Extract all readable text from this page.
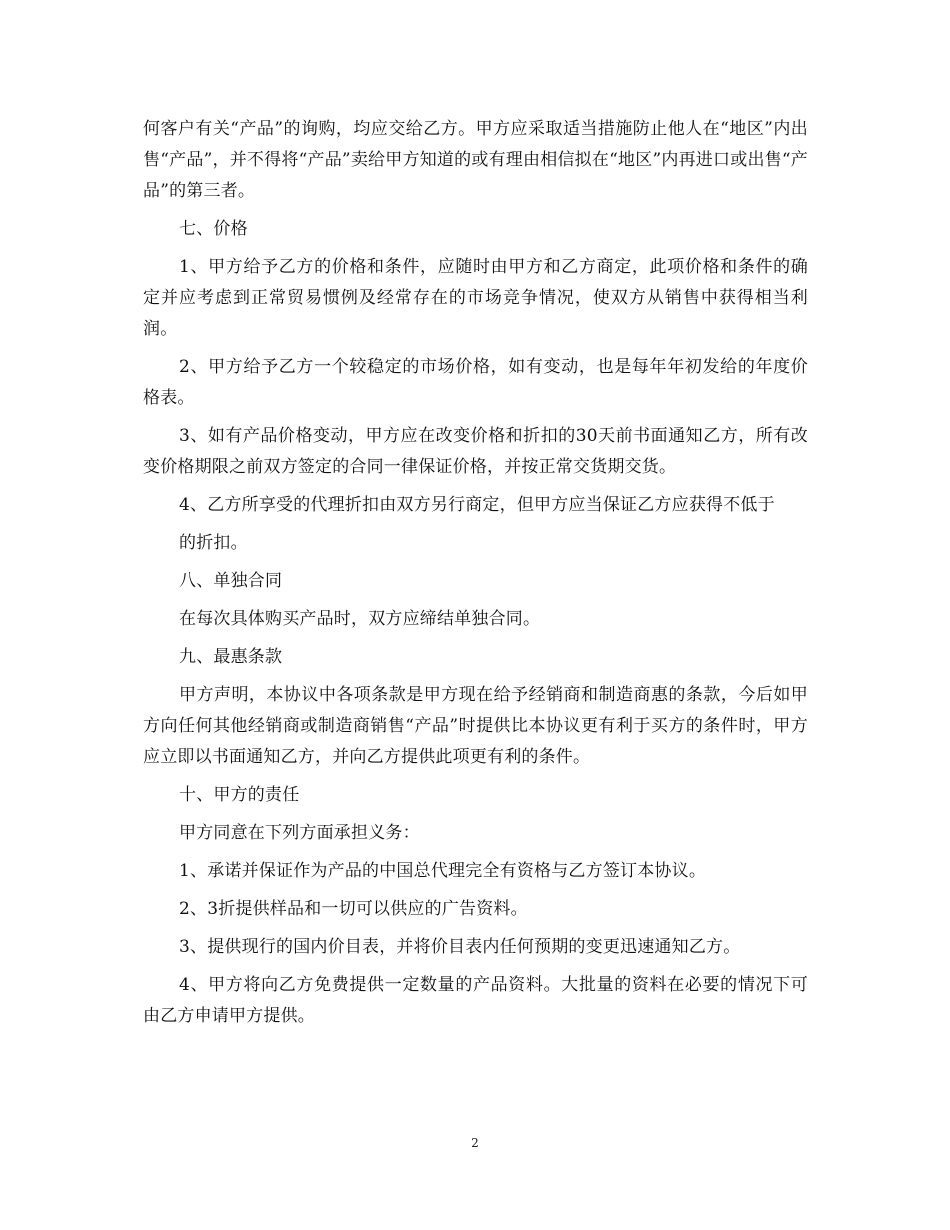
何客户有关“产品”的询购，均应交给乙方。甲方应采取适当措施防止他人在“地区”内出售“产品”，并不得将“产品”卖给甲方知道的或有理由相信拟在“地区”内再进口或出售“产品”的第三者。

七、价格

1、甲方给予乙方的价格和条件，应随时由甲方和乙方商定，此项价格和条件的确定并应考虑到正常贸易惯例及经常存在的市场竞争情况，使双方从销售中获得相当利润。

2、甲方给予乙方一个较稳定的市场价格，如有变动，也是每年年初发给的年度价格表。

3、如有产品价格变动，甲方应在改变价格和折扣的30天前书面通知乙方，所有改变价格期限之前双方签定的合同一律保证价格，并按正常交货期交货。

4、乙方所享受的代理折扣由双方另行商定，但甲方应当保证乙方应获得不低于

的折扣。

八、单独合同

在每次具体购买产品时，双方应缔结单独合同。

九、最惠条款

甲方声明，本协议中各项条款是甲方现在给予经销商和制造商惠的条款，今后如甲方向任何其他经销商或制造商销售“产品”时提供比本协议更有利于买方的条件时，甲方应立即以书面通知乙方，并向乙方提供此项更有利的条件。

十、甲方的责任

甲方同意在下列方面承担义务：

1、承诺并保证作为产品的中国总代理完全有资格与乙方签订本协议。

2、3折提供样品和一切可以供应的广告资料。

3、提供现行的国内价目表，并将价目表内任何预期的变更迅速通知乙方。

4、甲方将向乙方免费提供一定数量的产品资料。大批量的资料在必要的情况下可由乙方申请甲方提供。

2
